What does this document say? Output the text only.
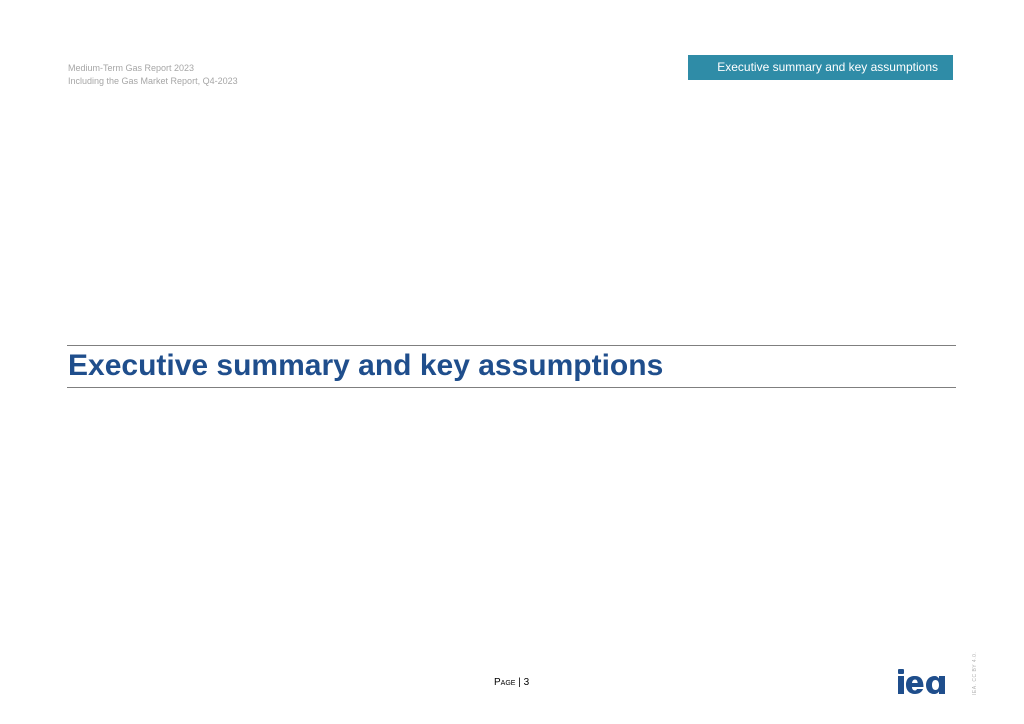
Medium-Term Gas Report 2023
Including the Gas Market Report, Q4-2023
Executive summary and key assumptions
Executive summary and key assumptions
Page | 3	IEA. CC BY 4.0.
